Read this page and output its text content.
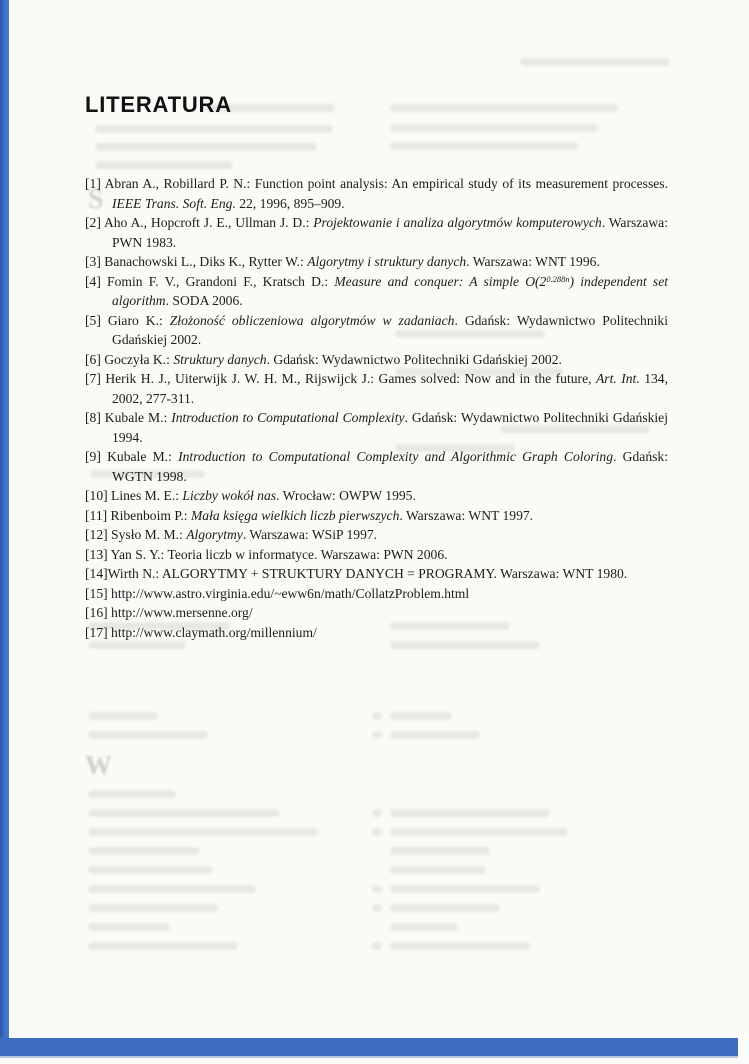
S
W
LITERATURA
[1] Abran A., Robillard P. N.: Function point analysis: An empirical study of its measurement processes. IEEE Trans. Soft. Eng. 22, 1996, 895–909.
[2] Aho A., Hopcroft J. E., Ullman J. D.: Projektowanie i analiza algorytmów komputerowych. Warszawa: PWN 1983.
[3] Banachowski L., Diks K., Rytter W.: Algorytmy i struktury danych. Warszawa: WNT 1996.
[4] Fomin F. V., Grandoni F., Kratsch D.: Measure and conquer: A simple $O(2^{0.288n})$ independent set algorithm. SODA 2006.
[5] Giaro K.: Złożoność obliczeniowa algorytmów w zadaniach. Gdańsk: Wydawnictwo Politechniki Gdańskiej 2002.
[6] Goczyła K.: Struktury danych. Gdańsk: Wydawnictwo Politechniki Gdańskiej 2002.
[7] Herik H. J., Uiterwijk J. W. H. M., Rijswijck J.: Games solved: Now and in the future, Art. Int. 134, 2002, 277-311.
[8] Kubale M.: Introduction to Computational Complexity. Gdańsk: Wydawnictwo Politechniki Gdańskiej 1994.
[9] Kubale M.: Introduction to Computational Complexity and Algorithmic Graph Coloring. Gdańsk: WGTN 1998.
[10] Lines M. E.: Liczby wokół nas. Wrocław: OWPW 1995.
[11] Ribenboim P.: Mała księga wielkich liczb pierwszych. Warszawa: WNT 1997.
[12] Sysło M. M.: Algorytmy. Warszawa: WSiP 1997.
[13] Yan S. Y.: Teoria liczb w informatyce. Warszawa: PWN 2006.
[14]Wirth N.: ALGORYTMY + STRUKTURY DANYCH = PROGRAMY. Warszawa: WNT 1980.
[15] http://www.astro.virginia.edu/~eww6n/math/CollatzProblem.html
[16] http://www.mersenne.org/
[17] http://www.claymath.org/millennium/
